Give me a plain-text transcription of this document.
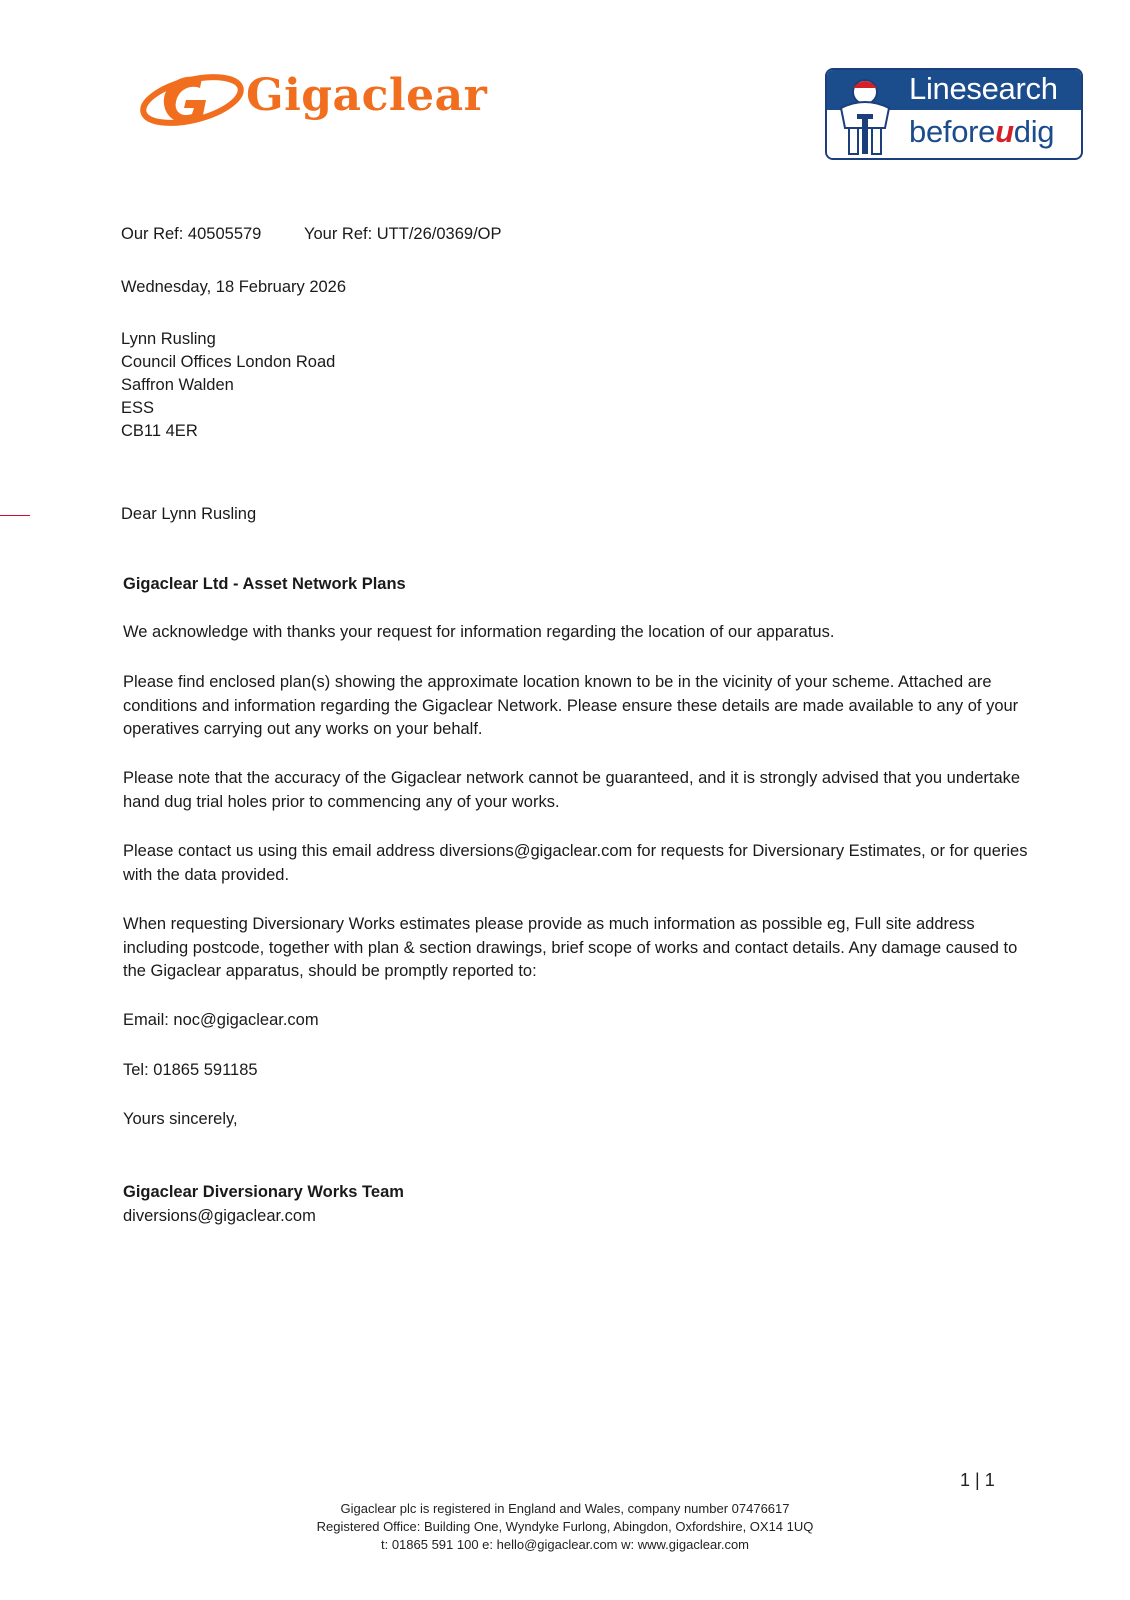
Gigaclear	Linesearch
beforeudig
Our Ref: 40505579	Your Ref: UTT/26/0369/OP
Wednesday, 18 February 2026
Lynn Rusling
Council Offices London Road
Saffron Walden
ESS
CB11 4ER
Dear Lynn Rusling
Gigaclear Ltd - Asset Network Plans
We acknowledge with thanks your request for information regarding the location of our apparatus.
Please find enclosed plan(s) showing the approximate location known to be in the vicinity of your scheme. Attached are conditions and information regarding the Gigaclear Network. Please ensure these details are made available to any of your operatives carrying out any works on your behalf.
Please note that the accuracy of the Gigaclear network cannot be guaranteed, and it is strongly advised that you undertake hand dug trial holes prior to commencing any of your works.
Please contact us using this email address diversions@gigaclear.com for requests for Diversionary Estimates, or for queries with the data provided.
When requesting Diversionary Works estimates please provide as much information as possible eg, Full site address including postcode, together with plan & section drawings, brief scope of works and contact details. Any damage caused to the Gigaclear apparatus, should be promptly reported to:
Email: noc@gigaclear.com
Tel: 01865 591185
Yours sincerely,
Gigaclear Diversionary Works Team
diversions@gigaclear.com
1 | 1
Gigaclear plc is registered in England and Wales, company number 07476617
Registered Office: Building One, Wyndyke Furlong, Abingdon, Oxfordshire, OX14 1UQ
t: 01865 591 100 e: hello@gigaclear.com w: www.gigaclear.com
